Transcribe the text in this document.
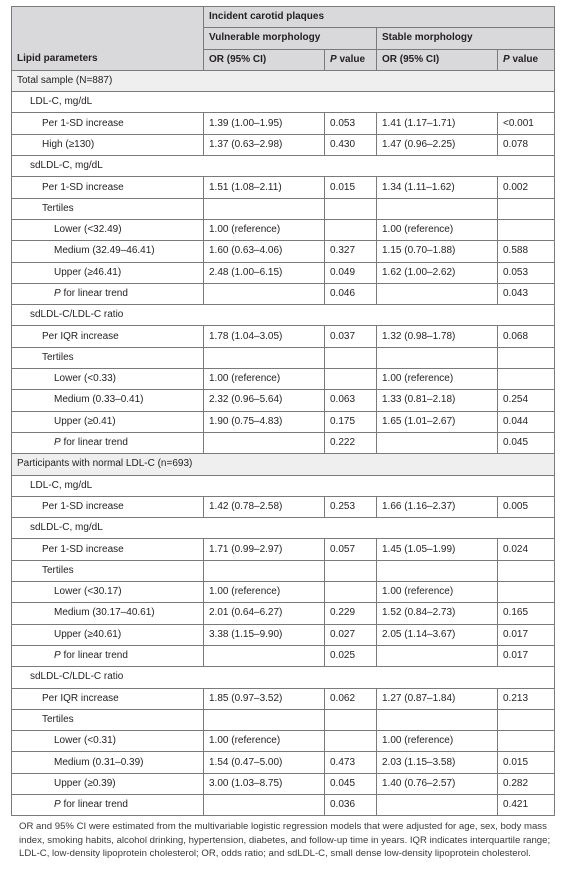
	Incident carotid plaques			
	Vulnerable morphology		Stable morphology	
Lipid parameters	OR (95% CI)	P value	OR (95% CI)	P value
Total sample (N=887)				
LDL-C, mg/dL				
Per 1-SD increase	1.39 (1.00–1.95)	0.053	1.41 (1.17–1.71)	<0.001
High (≥130)	1.37 (0.63–2.98)	0.430	1.47 (0.96–2.25)	0.078
sdLDL-C, mg/dL				
Per 1-SD increase	1.51 (1.08–2.11)	0.015	1.34 (1.11–1.62)	0.002
Tertiles				
Lower (<32.49)	1.00 (reference)		1.00 (reference)	
Medium (32.49–46.41)	1.60 (0.63–4.06)	0.327	1.15 (0.70–1.88)	0.588
Upper (≥46.41)	2.48 (1.00–6.15)	0.049	1.62 (1.00–2.62)	0.053
P for linear trend		0.046		0.043
sdLDL-C/LDL-C ratio				
Per IQR increase	1.78 (1.04–3.05)	0.037	1.32 (0.98–1.78)	0.068
Tertiles				
Lower (<0.33)	1.00 (reference)		1.00 (reference)	
Medium (0.33–0.41)	2.32 (0.96–5.64)	0.063	1.33 (0.81–2.18)	0.254
Upper (≥0.41)	1.90 (0.75–4.83)	0.175	1.65 (1.01–2.67)	0.044
P for linear trend		0.222		0.045
Participants with normal LDL-C (n=693)				
LDL-C, mg/dL				
Per 1-SD increase	1.42 (0.78–2.58)	0.253	1.66 (1.16–2.37)	0.005
sdLDL-C, mg/dL				
Per 1-SD increase	1.71 (0.99–2.97)	0.057	1.45 (1.05–1.99)	0.024
Tertiles				
Lower (<30.17)	1.00 (reference)		1.00 (reference)	
Medium (30.17–40.61)	2.01 (0.64–6.27)	0.229	1.52 (0.84–2.73)	0.165
Upper (≥40.61)	3.38 (1.15–9.90)	0.027	2.05 (1.14–3.67)	0.017
P for linear trend		0.025		0.017
sdLDL-C/LDL-C ratio				
Per IQR increase	1.85 (0.97–3.52)	0.062	1.27 (0.87–1.84)	0.213
Tertiles				
Lower (<0.31)	1.00 (reference)		1.00 (reference)	
Medium (0.31–0.39)	1.54 (0.47–5.00)	0.473	2.03 (1.15–3.58)	0.015
Upper (≥0.39)	3.00 (1.03–8.75)	0.045	1.40 (0.76–2.57)	0.282
P for linear trend		0.036		0.421
OR and 95% CI were estimated from the multivariable logistic regression models that were adjusted for age, sex, body mass index, smoking habits, alcohol drinking, hypertension, diabetes, and follow-up time in years. IQR indicates interquartile range; LDL-C, low-density lipoprotein cholesterol; OR, odds ratio; and sdLDL-C, small dense low-density lipoprotein cholesterol.
